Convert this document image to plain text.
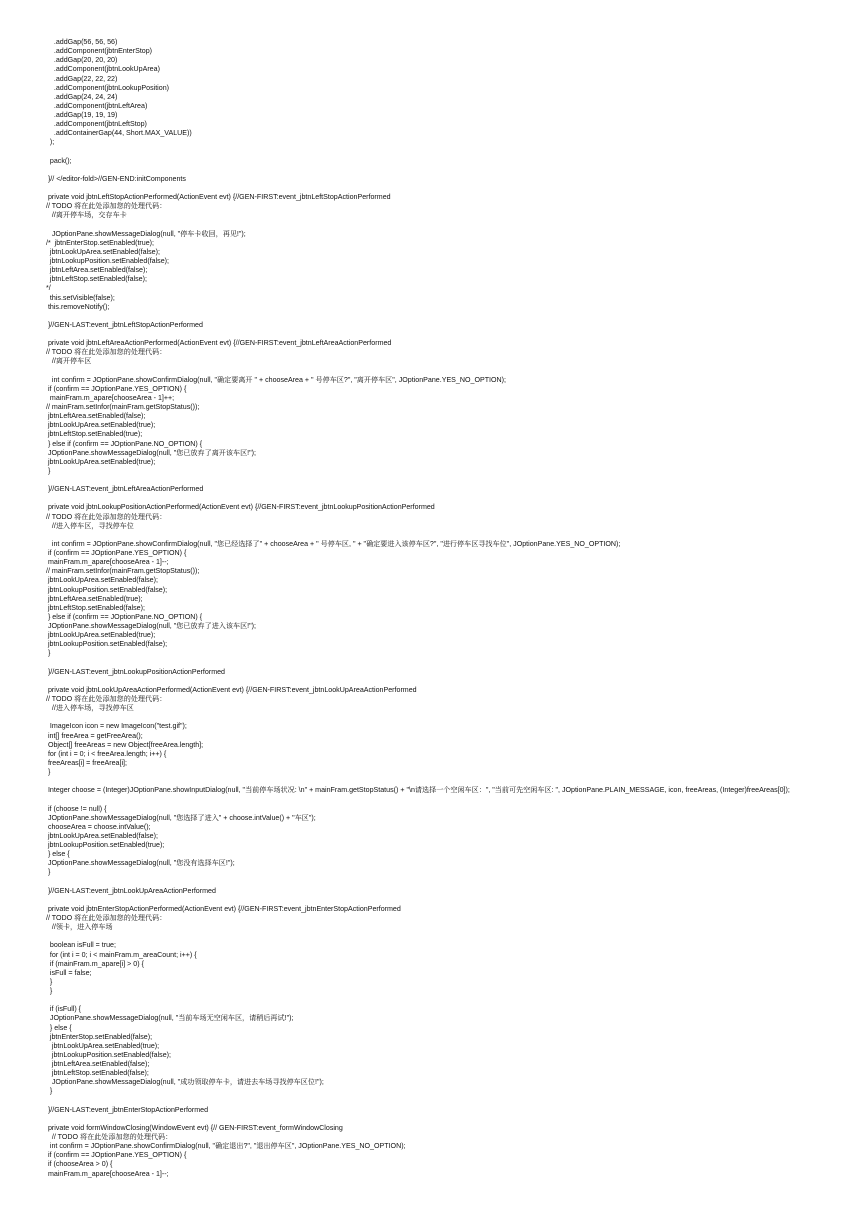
.addGap(56, 56, 56)
.addComponent(jbtnEnterStop)
.addGap(20, 20, 20)
.addComponent(jbtnLookUpArea)
.addGap(22, 22, 22)
.addComponent(jbtnLookupPosition)
.addGap(24, 24, 24)
.addComponent(jbtnLeftArea)
.addGap(19, 19, 19)
.addComponent(jbtnLeftStop)
.addContainerGap(44, Short.MAX_VALUE))
);
pack();
}// </editor-fold>//GEN-END:initComponents
private void jbtnLeftStopActionPerformed(ActionEvent evt) {//GEN-FIRST:event_jbtnLeftStopActionPerformed
// TODO 将在此处添加您的处理代码：
//离开停车场，交存车卡
JOptionPane.showMessageDialog(null, "停车卡收回，再见!");
/*  jbtnEnterStop.setEnabled(true);
jbtnLookUpArea.setEnabled(false);
jbtnLookupPosition.setEnabled(false);
jbtnLeftArea.setEnabled(false);
jbtnLeftStop.setEnabled(false);
*/
this.setVisible(false);
this.removeNotify();
}//GEN-LAST:event_jbtnLeftStopActionPerformed
private void jbtnLeftAreaActionPerformed(ActionEvent evt) {//GEN-FIRST:event_jbtnLeftAreaActionPerformed
// TODO 将在此处添加您的处理代码：
//离开停车区
int confirm = JOptionPane.showConfirmDialog(null, "确定要离开 " + chooseArea + " 号停车区?", "离开停车区", JOptionPane.YES_NO_OPTION);
if (confirm == JOptionPane.YES_OPTION) {
mainFram.m_apare[chooseArea - 1]++;
// mainFram.setInfor(mainFram.getStopStatus());
jbtnLeftArea.setEnabled(false);
jbtnLookUpArea.setEnabled(true);
jbtnLeftStop.setEnabled(true);
} else if (confirm == JOptionPane.NO_OPTION) {
JOptionPane.showMessageDialog(null, "您已放弃了离开该车区!");
jbtnLookUpArea.setEnabled(true);
}
}//GEN-LAST:event_jbtnLeftAreaActionPerformed
private void jbtnLookupPositionActionPerformed(ActionEvent evt) {//GEN-FIRST:event_jbtnLookupPositionActionPerformed
// TODO 将在此处添加您的处理代码：
//进入停车区，寻找停车位
int confirm = JOptionPane.showConfirmDialog(null, "您已经选择了" + chooseArea + " 号停车区, " + "确定要进入该停车区?", "进行停车区寻找车位", JOptionPane.YES_NO_OPTION);
if (confirm == JOptionPane.YES_OPTION) {
mainFram.m_apare[chooseArea - 1]--;
// mainFram.setInfor(mainFram.getStopStatus());
jbtnLookUpArea.setEnabled(false);
jbtnLookupPosition.setEnabled(false);
jbtnLeftArea.setEnabled(true);
jbtnLeftStop.setEnabled(false);
} else if (confirm == JOptionPane.NO_OPTION) {
JOptionPane.showMessageDialog(null, "您已放弃了进入该车区!");
jbtnLookUpArea.setEnabled(true);
jbtnLookupPosition.setEnabled(false);
}
}//GEN-LAST:event_jbtnLookupPositionActionPerformed
private void jbtnLookUpAreaActionPerformed(ActionEvent evt) {//GEN-FIRST:event_jbtnLookUpAreaActionPerformed
// TODO 将在此处添加您的处理代码：
//进入停车场，寻找停车区
ImageIcon icon = new ImageIcon("test.gif");
int[] freeArea = getFreeArea();
Object[] freeAreas = new Object[freeArea.length];
for (int i = 0; i < freeArea.length; i++) {
freeAreas[i] = freeArea[i];
}
Integer choose = (Integer)JOptionPane.showInputDialog(null, "当前停车场状况: \n" + mainFram.getStopStatus() + "\n请选择一个空闲车区：", "当前可先空闲车区: ", JOptionPane.PLAIN_MESSAGE, icon, freeAreas, (Integer)freeAreas[0]);
if (choose != null) {
JOptionPane.showMessageDialog(null, "您选择了进入" + choose.intValue() + "车区");
chooseArea = choose.intValue();
jbtnLookUpArea.setEnabled(false);
jbtnLookupPosition.setEnabled(true);
} else {
JOptionPane.showMessageDialog(null, "您没有选择车区!");
}
}//GEN-LAST:event_jbtnLookUpAreaActionPerformed
private void jbtnEnterStopActionPerformed(ActionEvent evt) {//GEN-FIRST:event_jbtnEnterStopActionPerformed
// TODO 将在此处添加您的处理代码：
//领卡，进入停车场
boolean isFull = true;
for (int i = 0; i < mainFram.m_areaCount; i++) {
if (mainFram.m_apare[i] > 0) {
isFull = false;
}
}
if (isFull) {
JOptionPane.showMessageDialog(null, "当前车场无空闲车区，请稍后再试!");
} else {
jbtnEnterStop.setEnabled(false);
jbtnLookUpArea.setEnabled(true);
jbtnLookupPosition.setEnabled(false);
jbtnLeftArea.setEnabled(false);
jbtnLeftStop.setEnabled(false);
JOptionPane.showMessageDialog(null, "成功领取停车卡，请进去车场寻找停车区位!");
}
}//GEN-LAST:event_jbtnEnterStopActionPerformed
private void formWindowClosing(WindowEvent evt) {// GEN-FIRST:event_formWindowClosing
// TODO 将在此处添加您的处理代码：
int confirm = JOptionPane.showConfirmDialog(null, "确定退出?", "退出停车区", JOptionPane.YES_NO_OPTION);
if (confirm == JOptionPane.YES_OPTION) {
if (chooseArea > 0) {
mainFram.m_apare[chooseArea - 1]--;
